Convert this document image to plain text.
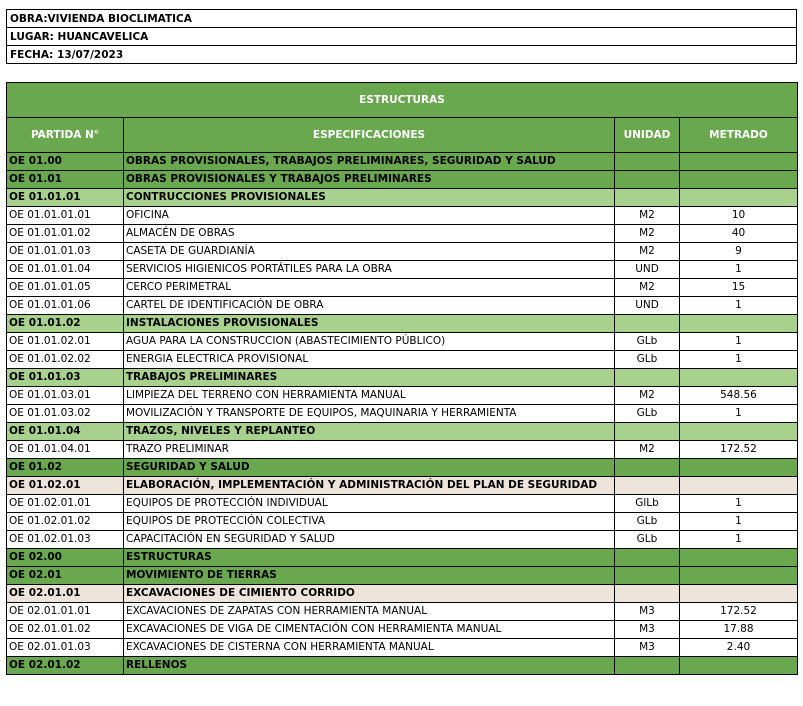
OBRA:VIVIENDA BIOCLIMATICA
LUGAR: HUANCAVELICA
FECHA: 13/07/2023
ESTRUCTURAS			
PARTIDA N°	ESPECIFICACIONES	UNIDAD	METRADO
OE 01.00	OBRAS PROVISIONALES, TRABAJOS PRELIMINARES, SEGURIDAD Y SALUD		
OE 01.01	OBRAS PROVISIONALES Y TRABAJOS PRELIMINARES		
OE 01.01.01	CONTRUCCIONES PROVISIONALES		
OE 01.01.01.01	OFICINA	M2	10
OE 01.01.01.02	ALMACÉN DE OBRAS	M2	40
OE 01.01.01.03	CASETA DE GUARDIANÍA	M2	9
OE 01.01.01.04	SERVICIOS HIGIENICOS PORTÁTILES PARA LA OBRA	UND	1
OE 01.01.01.05	CERCO PERIMETRAL	M2	15
OE 01.01.01.06	CARTEL DE IDENTIFICACIÓN DE OBRA	UND	1
OE 01.01.02	INSTALACIONES PROVISIONALES		
OE 01.01.02.01	AGUA PARA LA CONSTRUCCION (ABASTECIMIENTO PÚBLICO)	GLb	1
OE 01.01.02.02	ENERGIA ELECTRICA PROVISIONAL	GLb	1
OE 01.01.03	TRABAJOS PRELIMINARES		
OE 01.01.03.01	LIMPIEZA DEL TERRENO CON HERRAMIENTA MANUAL	M2	548.56
OE 01.01.03.02	MOVILIZACIÓN Y TRANSPORTE DE EQUIPOS, MAQUINARIA Y HERRAMIENTA	GLb	1
OE 01.01.04	TRAZOS, NIVELES Y REPLANTEO		
OE 01.01.04.01	TRAZO PRELIMINAR	M2	172.52
OE 01.02	SEGURIDAD Y SALUD		
OE 01.02.01	ELABORACIÓN, IMPLEMENTACIÓN Y ADMINISTRACIÓN DEL PLAN DE SEGURIDAD		
OE 01.02.01.01	EQUIPOS DE PROTECCIÓN INDIVIDUAL	GlLb	1
OE 01.02.01.02	EQUIPOS DE PROTECCIÓN COLECTIVA	GLb	1
OE 01.02.01.03	CAPACITACIÓN EN SEGURIDAD Y SALUD	GLb	1
OE 02.00	ESTRUCTURAS		
OE 02.01	MOVIMIENTO DE TIERRAS		
OE 02.01.01	EXCAVACIONES DE CIMIENTO CORRIDO		
OE 02.01.01.01	EXCAVACIONES DE ZAPATAS CON HERRAMIENTA MANUAL	M3	172.52
OE 02.01.01.02	EXCAVACIONES DE VIGA DE CIMENTACIÓN CON HERRAMIENTA MANUAL	M3	17.88
OE 02.01.01.03	EXCAVACIONES DE CISTERNA CON HERRAMIENTA MANUAL	M3	2.40
OE 02.01.02	RELLENOS		
